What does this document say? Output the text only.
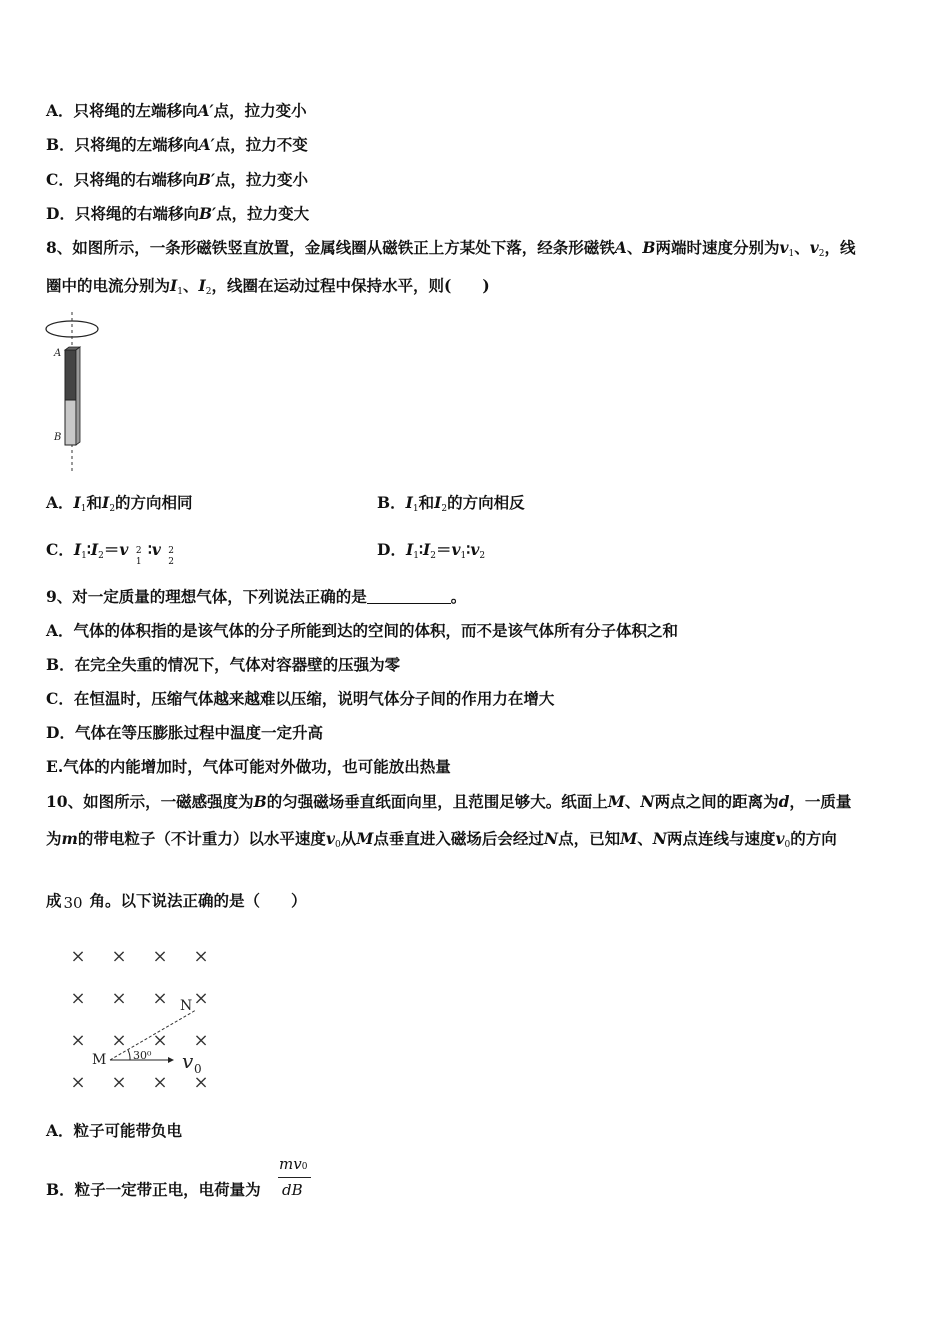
A．只将绳的左端移向A′点，拉力变小
B．只将绳的左端移向A′点，拉力不变
C．只将绳的右端移向B′点，拉力变小
D．只将绳的右端移向B′点，拉力变大
8、如图所示，一条形磁铁竖直放置，金属线圈从磁铁正上方某处下落，经条形磁铁A、B两端时速度分别为$v_1$、$v_2$，线
圈中的电流分别为$I_1$、$I_2$，线圈在运动过程中保持水平，则(　　)
A
B
A．$I_1$和$I_2$的方向相同	B．$I_1$和$I_2$的方向相反
C．$I_1∶I_2=v$ 2
1
∶v 2
2
D．$I_1∶I_2=v_1∶v_2$
9、对一定质量的理想气体，下列说法正确的是	。
A．气体的体积指的是该气体的分子所能到达的空间的体积，而不是该气体所有分子体积之和
B．在完全失重的情况下，气体对容器壁的压强为零
C．在恒温时，压缩气体越来越难以压缩，说明气体分子间的作用力在增大
D．气体在等压膨胀过程中温度一定升高
E.气体的内能增加时，气体可能对外做功，也可能放出热量
10、如图所示，一磁感强度为B的匀强磁场垂直纸面向里，且范围足够大。纸面上M、N两点之间的距离为d，一质量
为m的带电粒子（不计重力）以水平速度$v_0$从M点垂直进入磁场后会经过N点，已知M、N两点连线与速度$v_0$的方向
成 30 角。以下说法正确的是（　　）
× × × ×
× × × ×
× × × ×
× × × ×
M
N
30⁰ v 0
A．粒子可能带负电
B．粒子一定带正电，电荷量为
mv0
dB
